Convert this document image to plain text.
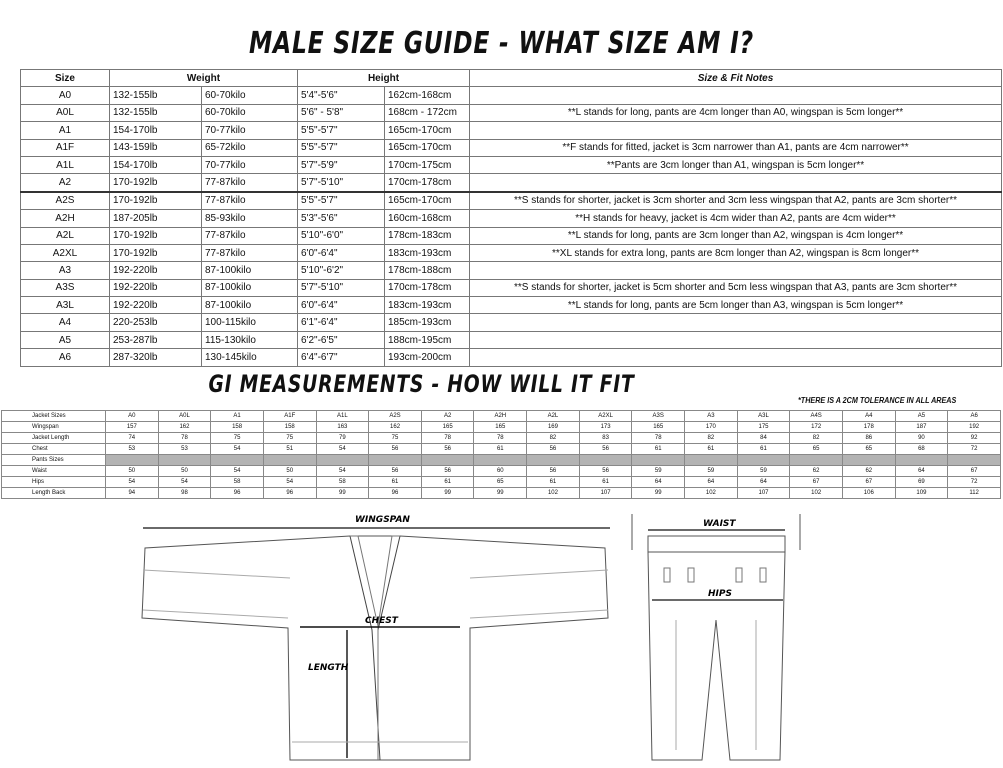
MALE SIZE GUIDE - WHAT SIZE AM I?
Size	Weight		Height		Size & Fit Notes
A0	132-155lb	60-70kilo	5'4"-5'6"	162cm-168cm	
A0L	132-155lb	60-70kilo	5'6" - 5'8"	168cm - 172cm	**L stands for long, pants are 4cm longer than A0, wingspan is 5cm longer**
A1	154-170lb	70-77kilo	5'5"-5'7"	165cm-170cm	
A1F	143-159lb	65-72kilo	5'5"-5'7"	165cm-170cm	**F stands for fitted, jacket is 3cm narrower than A1, pants are 4cm narrower**
A1L	154-170lb	70-77kilo	5'7"-5'9"	170cm-175cm	**Pants are 3cm longer than A1, wingspan is 5cm longer**
A2	170-192lb	77-87kilo	5'7"-5'10"	170cm-178cm	
A2S	170-192lb	77-87kilo	5'5"-5'7"	165cm-170cm	**S stands for shorter, jacket is 3cm shorter and 3cm less wingspan that A2, pants are 3cm shorter**
A2H	187-205lb	85-93kilo	5'3"-5'6"	160cm-168cm	**H stands for heavy, jacket is 4cm wider than A2, pants are 4cm wider**
A2L	170-192lb	77-87kilo	5'10"-6'0"	178cm-183cm	**L stands for long, pants are 3cm longer than A2, wingspan is 4cm longer**
A2XL	170-192lb	77-87kilo	6'0"-6'4"	183cm-193cm	**XL stands for extra long, pants are 8cm longer than A2, wingspan is 8cm longer**
A3	192-220lb	87-100kilo	5'10"-6'2"	178cm-188cm	
A3S	192-220lb	87-100kilo	5'7"-5'10"	170cm-178cm	**S stands for shorter, jacket is 5cm shorter and 5cm less wingspan that A3, pants are 3cm shorter**
A3L	192-220lb	87-100kilo	6'0"-6'4"	183cm-193cm	**L stands for long, pants are 5cm longer than A3, wingspan is 5cm longer**
A4	220-253lb	100-115kilo	6'1"-6'4"	185cm-193cm	
A5	253-287lb	115-130kilo	6'2"-6'5"	188cm-195cm	
A6	287-320lb	130-145kilo	6'4"-6'7"	193cm-200cm	
GI MEASUREMENTS - HOW WILL IT FIT
*THERE IS A 2CM TOLERANCE IN ALL AREAS
Jacket Sizes	A0	A0L	A1	A1F	A1L	A2S	A2	A2H	A2L	A2XL	A3S	A3	A3L	A4S	A4	A5	A6
Wingspan	157	162	158	158	163	162	165	165	169	173	165	170	175	172	178	187	192
Jacket Length	74	78	75	75	79	75	78	78	82	83	78	82	84	82	86	90	92
Chest	53	53	54	51	54	56	56	61	56	56	61	61	61	65	65	68	72
Pants Sizes																	
Waist	50	50	54	50	54	56	56	60	56	56	59	59	59	62	62	64	67
Hips	54	54	58	54	58	61	61	65	61	61	64	64	64	67	67	69	72
Length Back	94	98	96	96	99	96	99	99	102	107	99	102	107	102	106	109	112
WINGSPAN
CHEST
LENGTH
WAIST
HIPS
